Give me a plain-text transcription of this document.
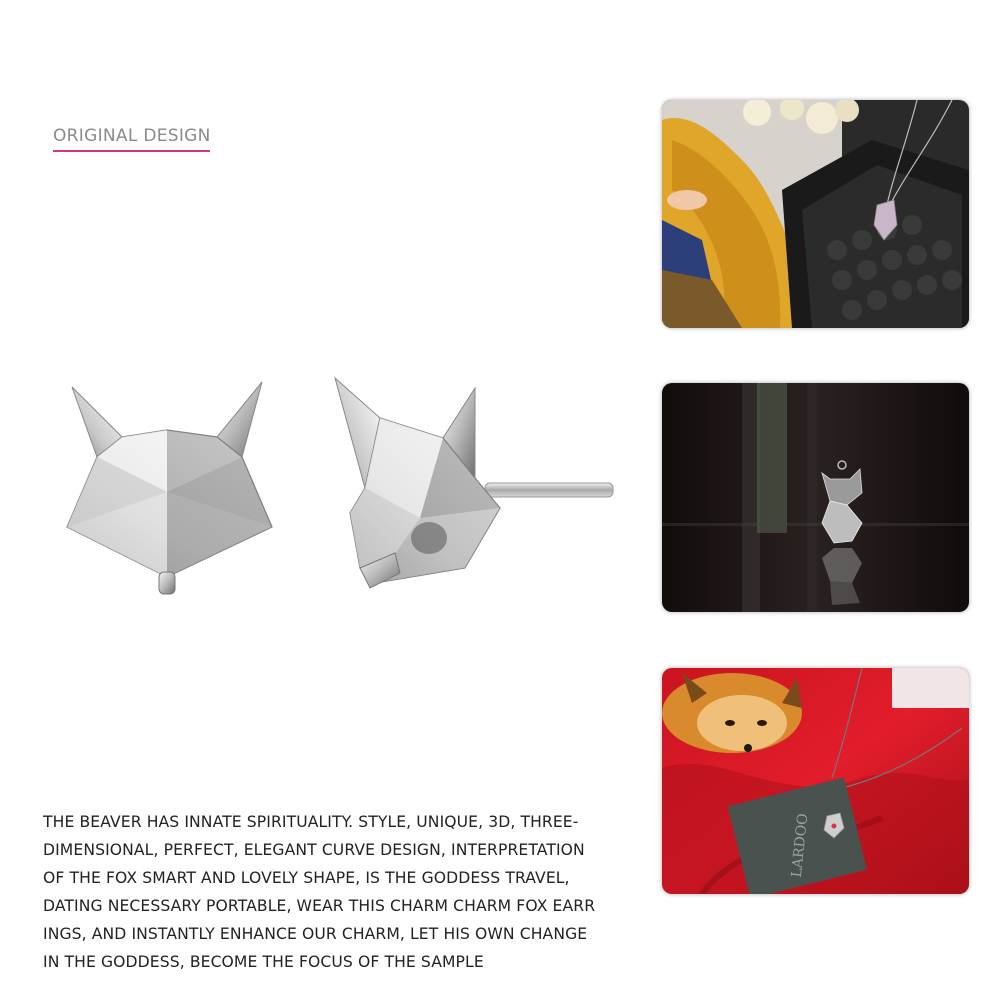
ORIGINAL DESIGN
LARDOO
THE BEAVER HAS INNATE SPIRITUALITY. STYLE, UNIQUE, 3D, THREE-
DIMENSIONAL, PERFECT, ELEGANT CURVE DESIGN, INTERPRETATION
OF THE FOX SMART AND LOVELY SHAPE, IS THE GODDESS TRAVEL,
DATING NECESSARY PORTABLE, WEAR THIS CHARM CHARM FOX EARR
INGS, AND INSTANTLY ENHANCE OUR CHARM, LET HIS OWN CHANGE
IN THE GODDESS, BECOME THE FOCUS OF THE SAMPLE
